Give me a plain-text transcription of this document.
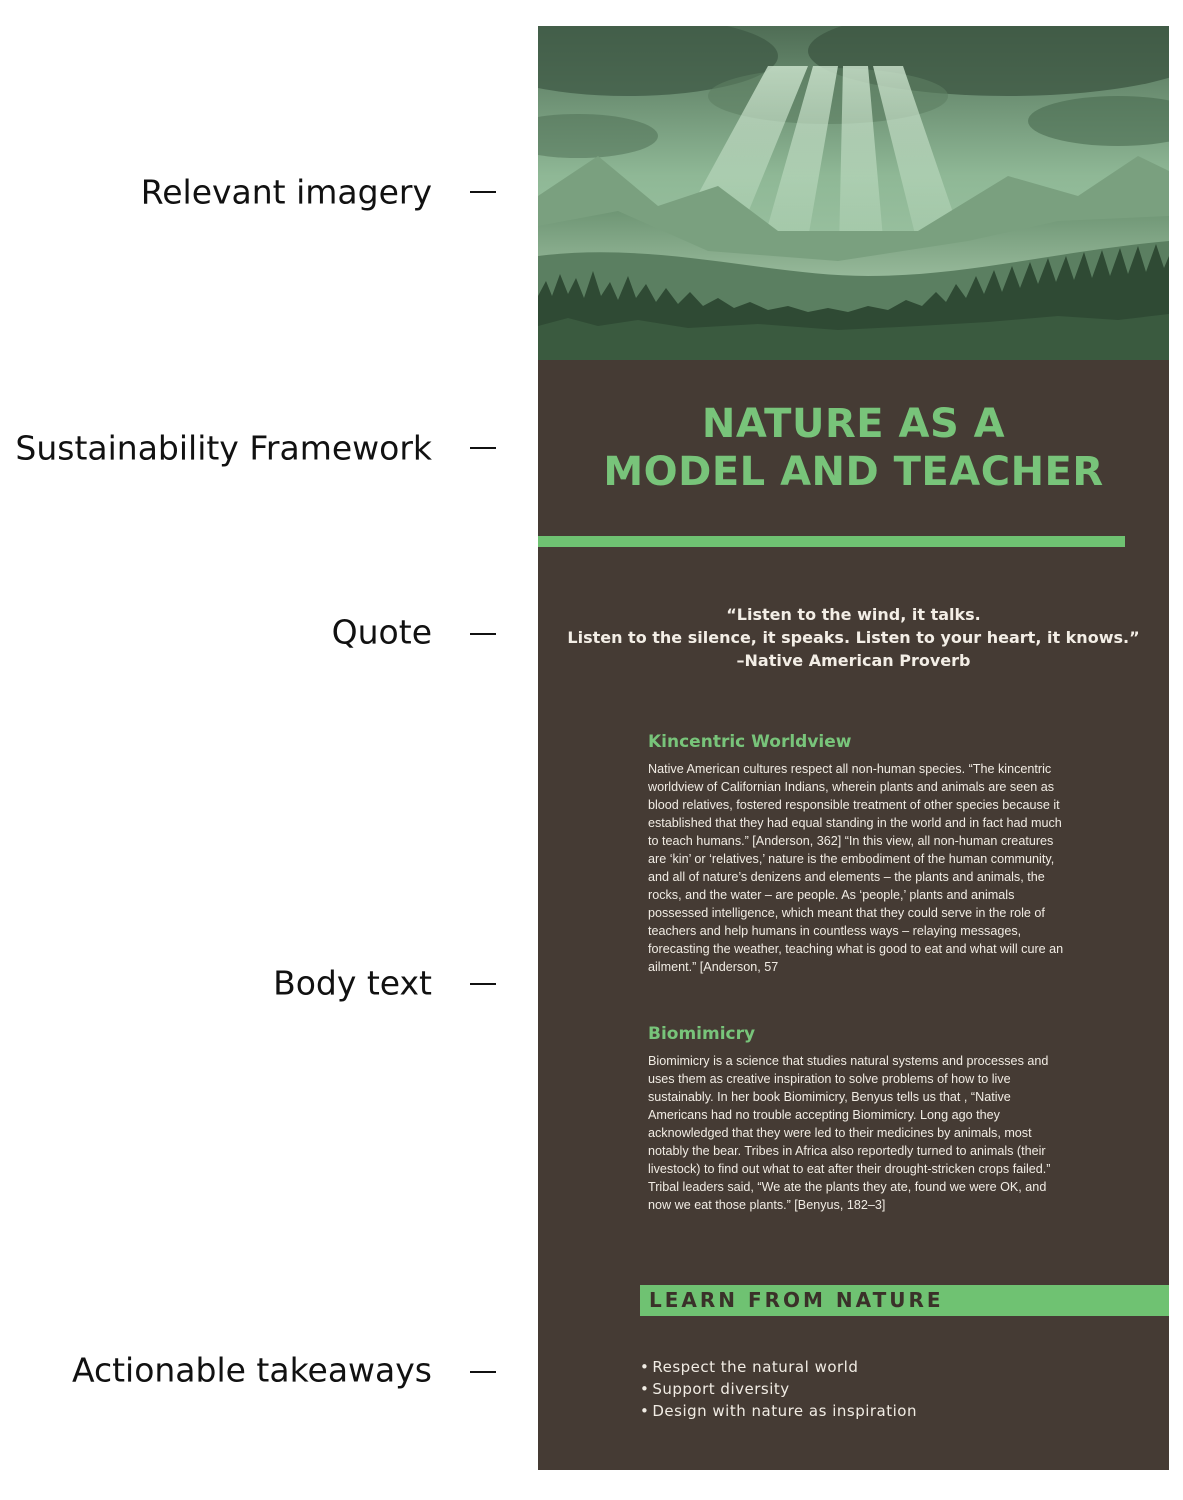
Relevant imagery
Sustainability Framework
Quote
Body text
Actionable takeaways
NATURE AS A
MODEL AND TEACHER
“Listen to the wind, it talks.
Listen to the silence, it speaks. Listen to your heart, it knows.”
–Native American Proverb
Kincentric Worldview
Native American cultures respect all non-human species. “The kincentric worldview of Californian Indians, wherein plants and animals are seen as blood relatives, fostered responsible treatment of other species because it established that they had equal standing in the world and in fact had much to teach humans.” [Anderson, 362] “In this view, all non-human creatures are ‘kin’ or ‘relatives,’ nature is the embodiment of the human community, and all of nature’s denizens and elements – the plants and animals, the rocks, and the water – are people. As ‘people,’ plants and animals possessed intelligence, which meant that they could serve in the role of teachers and help humans in countless ways – relaying messages, forecasting the weather, teaching what is good to eat and what will cure an ailment.” [Anderson, 57
Biomimicry
Biomimicry is a science that studies natural systems and processes and uses them as creative inspiration to solve problems of how to live sustainably. In her book Biomimicry, Benyus tells us that , “Native Americans had no trouble accepting Biomimicry. Long ago they acknowledged that they were led to their medicines by animals, most notably the bear. Tribes in Africa also reportedly turned to animals (their livestock) to find out what to eat after their drought-stricken crops failed.” Tribal leaders said, “We ate the plants they ate, found we were OK, and now we eat those plants.” [Benyus, 182–3]
LEARN FROM NATURE
• Respect the natural world
• Support diversity
• Design with nature as inspiration
